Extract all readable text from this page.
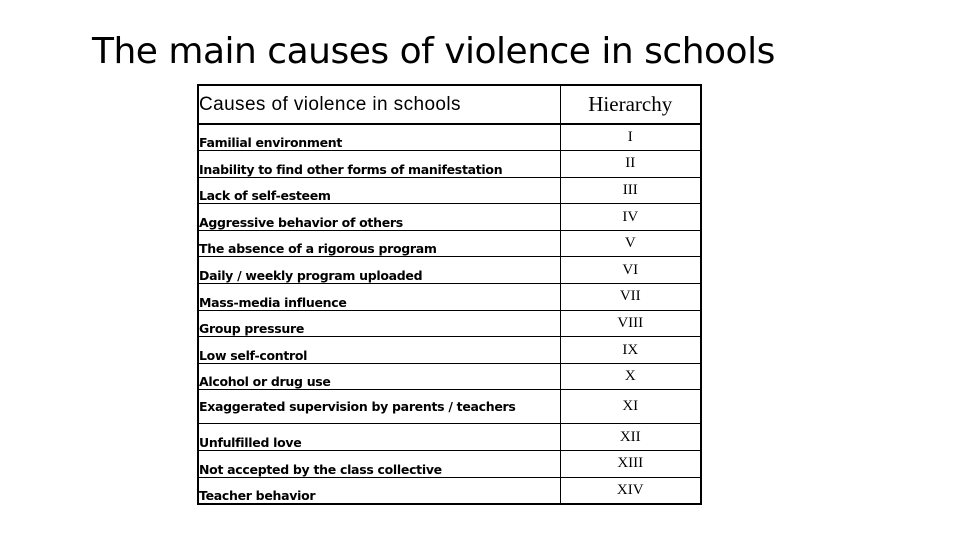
The main causes of violence in schools
Causes of violence in schools	Hierarchy
Familial environment	I
Inability to find other forms of manifestation	II
Lack of self-esteem	III
Aggressive behavior of others	IV
The absence of a rigorous program	V
Daily / weekly program uploaded	VI
Mass-media influence	VII
Group pressure	VIII
Low self-control	IX
Alcohol or drug use	X
Exaggerated supervision by parents / teachers	XI
Unfulfilled love	XII
Not accepted by the class collective	XIII
Teacher behavior	XIV
